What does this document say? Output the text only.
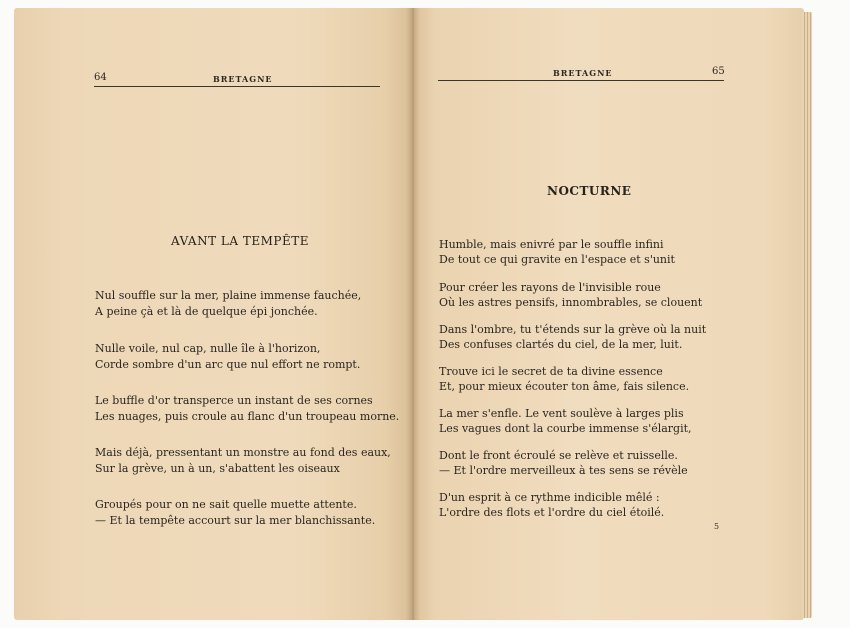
64	BRETAGNE
AVANT LA TEMPÊTE
Nul souffle sur la mer, plaine immense fauchée,
A peine çà et là de quelque épi jonchée.
Nulle voile, nul cap, nulle île à l'horizon,
Corde sombre d'un arc que nul effort ne rompt.
Le buffle d'or transperce un instant de ses cornes
Les nuages, puis croule au flanc d'un troupeau morne.
Mais déjà, pressentant un monstre au fond des eaux,
Sur la grève, un à un, s'abattent les oiseaux
Groupés pour on ne sait quelle muette attente.
— Et la tempête accourt sur la mer blanchissante.
BRETAGNE	65
NOCTURNE
Humble, mais enivré par le souffle infini
De tout ce qui gravite en l'espace et s'unit
Pour créer les rayons de l'invisible roue
Où les astres pensifs, innombrables, se clouent
Dans l'ombre, tu t'étends sur la grève où la nuit
Des confuses clartés du ciel, de la mer, luit.
Trouve ici le secret de ta divine essence
Et, pour mieux écouter ton âme, fais silence.
La mer s'enfle. Le vent soulève à larges plis
Les vagues dont la courbe immense s'élargit,
Dont le front écroulé se relève et ruisselle.
— Et l'ordre merveilleux à tes sens se révèle
D'un esprit à ce rythme indicible mêlé :
L'ordre des flots et l'ordre du ciel étoilé.
5
